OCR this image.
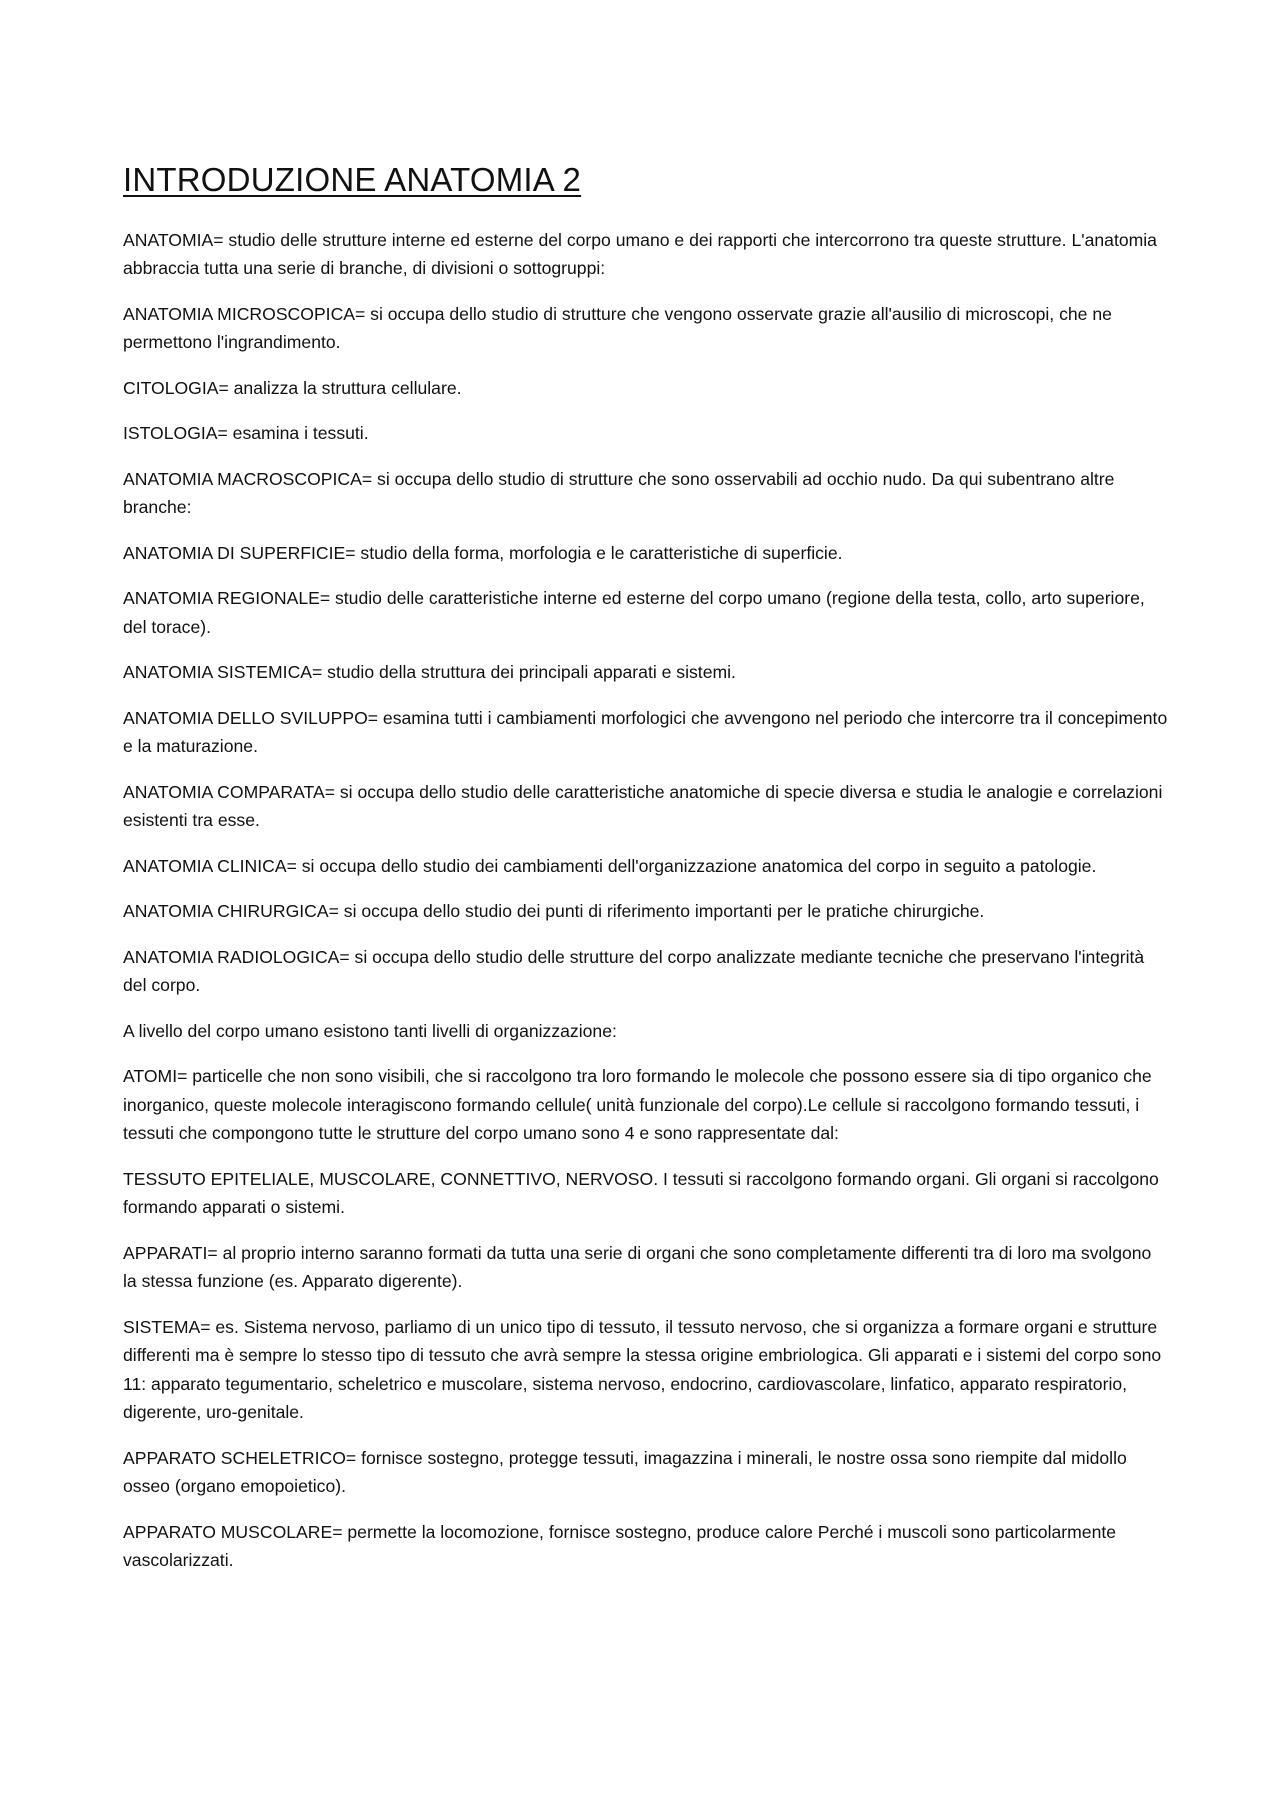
INTRODUZIONE ANATOMIA 2

ANATOMIA= studio delle strutture interne ed esterne del corpo umano e dei rapporti che intercorrono tra queste strutture. L'anatomia abbraccia tutta una serie di branche, di divisioni o sottogruppi:

ANATOMIA MICROSCOPICA= si occupa dello studio di strutture che vengono osservate grazie all'ausilio di microscopi, che ne permettono l'ingrandimento.

CITOLOGIA= analizza la struttura cellulare.

ISTOLOGIA= esamina i tessuti.

ANATOMIA MACROSCOPICA= si occupa dello studio di strutture che sono osservabili ad occhio nudo. Da qui subentrano altre branche:

ANATOMIA DI SUPERFICIE= studio della forma, morfologia e le caratteristiche di superficie.

ANATOMIA REGIONALE= studio delle caratteristiche interne ed esterne del corpo umano (regione della testa, collo, arto superiore, del torace).

ANATOMIA SISTEMICA= studio della struttura dei principali apparati e sistemi.

ANATOMIA DELLO SVILUPPO= esamina tutti i cambiamenti morfologici che avvengono nel periodo che intercorre tra il concepimento e la maturazione.

ANATOMIA COMPARATA= si occupa dello studio delle caratteristiche anatomiche di specie diversa e studia le analogie e correlazioni esistenti tra esse.

ANATOMIA CLINICA= si occupa dello studio dei cambiamenti dell'organizzazione anatomica del corpo in seguito a patologie.

ANATOMIA CHIRURGICA= si occupa dello studio dei punti di riferimento importanti per le pratiche chirurgiche.

ANATOMIA RADIOLOGICA= si occupa dello studio delle strutture del corpo analizzate mediante tecniche che preservano l'integrità del corpo.

A livello del corpo umano esistono tanti livelli di organizzazione:

ATOMI= particelle che non sono visibili, che si raccolgono tra loro formando le molecole che possono essere sia di tipo organico che inorganico, queste molecole interagiscono formando cellule( unità funzionale del corpo).Le cellule si raccolgono formando tessuti, i tessuti che compongono tutte le strutture del corpo umano sono 4 e sono rappresentate dal:

TESSUTO EPITELIALE, MUSCOLARE, CONNETTIVO, NERVOSO. I tessuti si raccolgono formando organi. Gli organi si raccolgono formando apparati o sistemi.

APPARATI= al proprio interno saranno formati da tutta una serie di organi che sono completamente differenti tra di loro ma svolgono la stessa funzione (es. Apparato digerente).

SISTEMA= es. Sistema nervoso, parliamo di un unico tipo di tessuto, il tessuto nervoso, che si organizza a formare organi e strutture differenti ma è sempre lo stesso tipo di tessuto che avrà sempre la stessa origine embriologica. Gli apparati e i sistemi del corpo sono 11: apparato tegumentario, scheletrico e muscolare, sistema nervoso, endocrino, cardiovascolare, linfatico, apparato respiratorio, digerente, uro-genitale.

APPARATO SCHELETRICO= fornisce sostegno, protegge tessuti, imagazzina i minerali, le nostre ossa sono riempite dal midollo osseo (organo emopoietico).

APPARATO MUSCOLARE= permette la locomozione, fornisce sostegno, produce calore Perché i muscoli sono particolarmente vascolarizzati.
